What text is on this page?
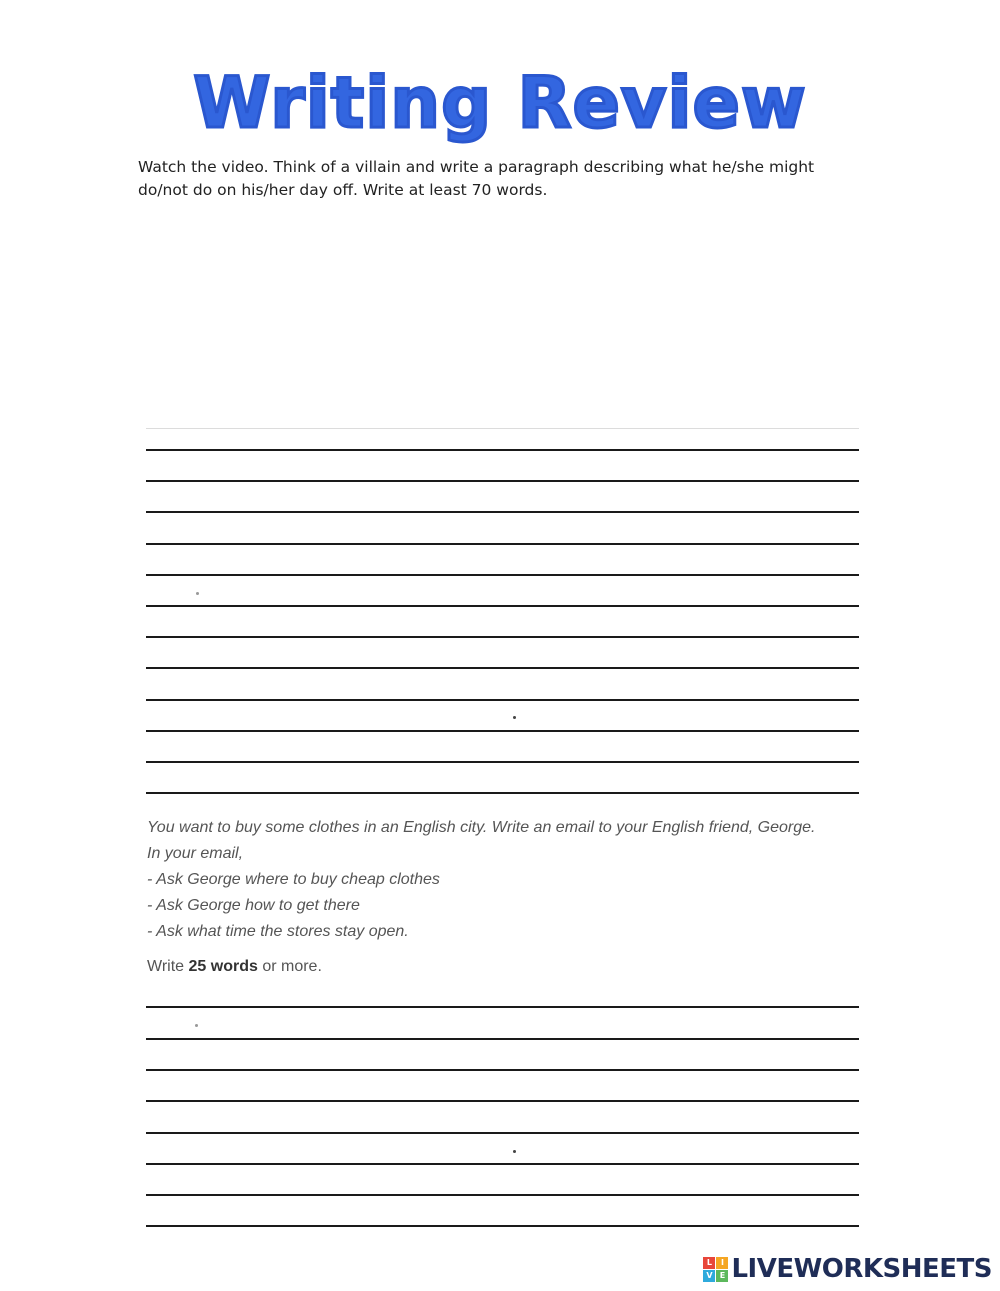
Writing Review
Watch the video. Think of a villain and write a paragraph describing what he/she might do/not do on his/her day off. Write at least 70 words.

You want to buy some clothes in an English city. Write an email to your English friend, George.

In your email,

- Ask George where to buy cheap clothes

- Ask George how to get there

- Ask what time the stores stay open.

Write 25 words or more.
L	I
V E LIVEWORKSHEETS
